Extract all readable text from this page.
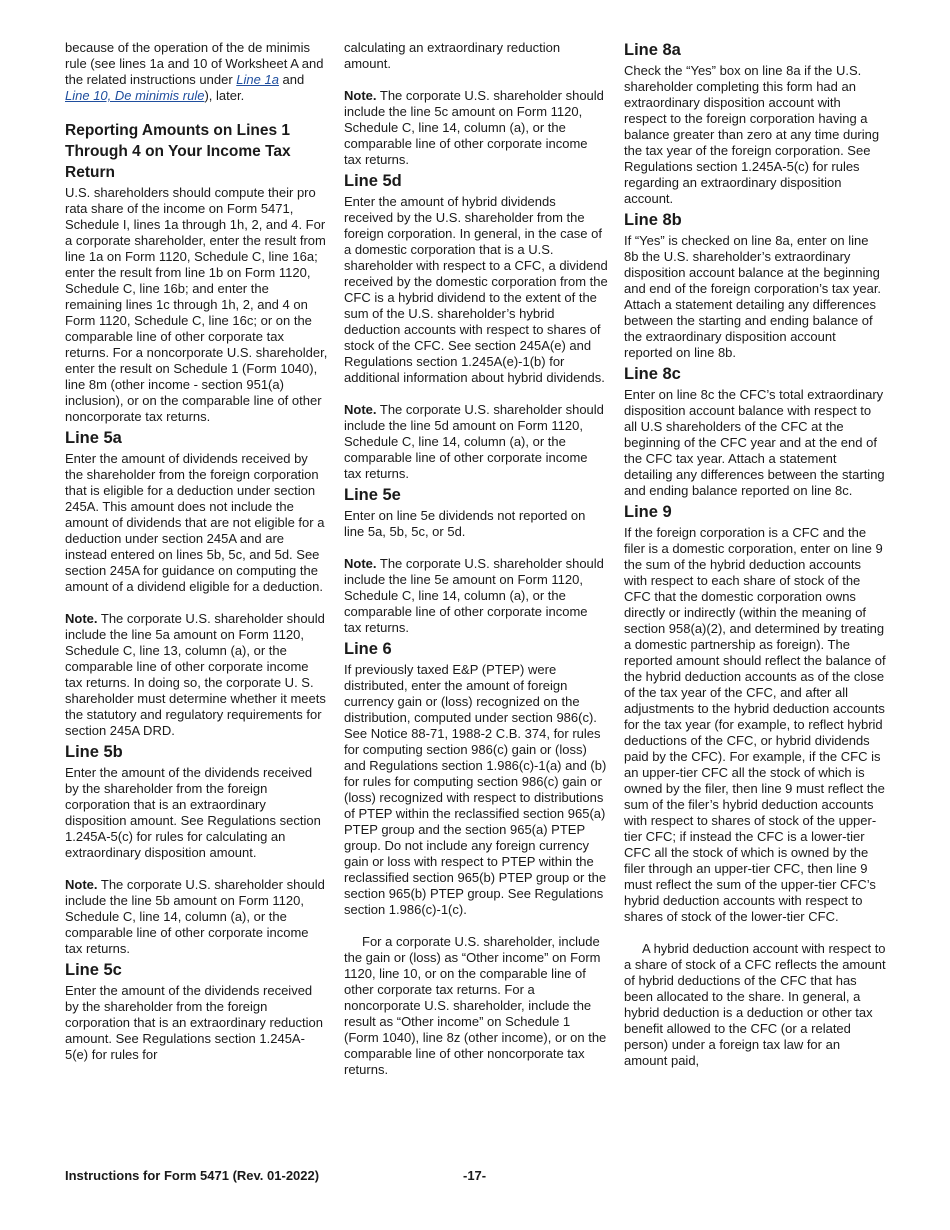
because of the operation of the de minimis rule (see lines 1a and 10 of Worksheet A and the related instructions under Line 1a and Line 10, De minimis rule), later.

Reporting Amounts on Lines 1 Through 4 on Your Income Tax Return

U.S. shareholders should compute their pro rata share of the income on Form 5471, Schedule I, lines 1a through 1h, 2, and 4. For a corporate shareholder, enter the result from line 1a on Form 1120, Schedule C, line 16a; enter the result from line 1b on Form 1120, Schedule C, line 16b; and enter the remaining lines 1c through 1h, 2, and 4 on Form 1120, Schedule C, line 16c; or on the comparable line of other corporate tax returns. For a noncorporate U.S. shareholder, enter the result on Schedule 1 (Form 1040), line 8m (other income - section 951(a) inclusion), or on the comparable line of other noncorporate tax returns.

Line 5a

Enter the amount of dividends received by the shareholder from the foreign corporation that is eligible for a deduction under section 245A. This amount does not include the amount of dividends that are not eligible for a deduction under section 245A and are instead entered on lines 5b, 5c, and 5d. See section 245A for guidance on computing the amount of a dividend eligible for a deduction.

Note. The corporate U.S. shareholder should include the line 5a amount on Form 1120, Schedule C, line 13, column (a), or the comparable line of other corporate income tax returns. In doing so, the corporate U. S. shareholder must determine whether it meets the statutory and regulatory requirements for section 245A DRD.

Line 5b

Enter the amount of the dividends received by the shareholder from the foreign corporation that is an extraordinary disposition amount. See Regulations section 1.245A-5(c) for rules for calculating an extraordinary disposition amount.

Note. The corporate U.S. shareholder should include the line 5b amount on Form 1120, Schedule C, line 14, column (a), or the comparable line of other corporate income tax returns.

Line 5c

Enter the amount of the dividends received by the shareholder from the foreign corporation that is an extraordinary reduction amount. See Regulations section 1.245A-5(e) for rules for

calculating an extraordinary reduction amount.

Note. The corporate U.S. shareholder should include the line 5c amount on Form 1120, Schedule C, line 14, column (a), or the comparable line of other corporate income tax returns.

Line 5d

Enter the amount of hybrid dividends received by the U.S. shareholder from the foreign corporation. In general, in the case of a domestic corporation that is a U.S. shareholder with respect to a CFC, a dividend received by the domestic corporation from the CFC is a hybrid dividend to the extent of the sum of the U.S. shareholder’s hybrid deduction accounts with respect to shares of stock of the CFC. See section 245A(e) and Regulations section 1.245A(e)-1(b) for additional information about hybrid dividends.

Note. The corporate U.S. shareholder should include the line 5d amount on Form 1120, Schedule C, line 14, column (a), or the comparable line of other corporate income tax returns.

Line 5e

Enter on line 5e dividends not reported on line 5a, 5b, 5c, or 5d.

Note. The corporate U.S. shareholder should include the line 5e amount on Form 1120, Schedule C, line 14, column (a), or the comparable line of other corporate income tax returns.

Line 6

If previously taxed E&P (PTEP) were distributed, enter the amount of foreign currency gain or (loss) recognized on the distribution, computed under section 986(c). See Notice 88-71, 1988-2 C.B. 374, for rules for computing section 986(c) gain or (loss) and Regulations section 1.986(c)-1(a) and (b) for rules for computing section 986(c) gain or (loss) recognized with respect to distributions of PTEP within the reclassified section 965(a) PTEP group and the section 965(a) PTEP group. Do not include any foreign currency gain or loss with respect to PTEP within the reclassified section 965(b) PTEP group or the section 965(b) PTEP group. See Regulations section 1.986(c)-1(c).

For a corporate U.S. shareholder, include the gain or (loss) as “Other income” on Form 1120, line 10, or on the comparable line of other corporate tax returns. For a noncorporate U.S. shareholder, include the result as “Other income” on Schedule 1 (Form 1040), line 8z (other income), or on the comparable line of other noncorporate tax returns.

Line 8a

Check the “Yes” box on line 8a if the U.S. shareholder completing this form had an extraordinary disposition account with respect to the foreign corporation having a balance greater than zero at any time during the tax year of the foreign corporation. See Regulations section 1.245A-5(c) for rules regarding an extraordinary disposition account.

Line 8b

If “Yes” is checked on line 8a, enter on line 8b the U.S. shareholder’s extraordinary disposition account balance at the beginning and end of the foreign corporation’s tax year. Attach a statement detailing any differences between the starting and ending balance of the extraordinary disposition account reported on line 8b.

Line 8c

Enter on line 8c the CFC’s total extraordinary disposition account balance with respect to all U.S shareholders of the CFC at the beginning of the CFC year and at the end of the CFC tax year. Attach a statement detailing any differences between the starting and ending balance reported on line 8c.

Line 9

If the foreign corporation is a CFC and the filer is a domestic corporation, enter on line 9 the sum of the hybrid deduction accounts with respect to each share of stock of the CFC that the domestic corporation owns directly or indirectly (within the meaning of section 958(a)(2), and determined by treating a domestic partnership as foreign). The reported amount should reflect the balance of the hybrid deduction accounts as of the close of the tax year of the CFC, and after all adjustments to the hybrid deduction accounts for the tax year (for example, to reflect hybrid deductions of the CFC, or hybrid dividends paid by the CFC). For example, if the CFC is an upper-tier CFC all the stock of which is owned by the filer, then line 9 must reflect the sum of the filer’s hybrid deduction accounts with respect to shares of stock of the upper-tier CFC; if instead the CFC is a lower-tier CFC all the stock of which is owned by the filer through an upper-tier CFC, then line 9 must reflect the sum of the upper-tier CFC’s hybrid deduction accounts with respect to shares of stock of the lower-tier CFC.

A hybrid deduction account with respect to a share of stock of a CFC reflects the amount of hybrid deductions of the CFC that has been allocated to the share. In general, a hybrid deduction is a deduction or other tax benefit allowed to the CFC (or a related person) under a foreign tax law for an amount paid,

Instructions for Form 5471 (Rev. 01-2022)	-17-
